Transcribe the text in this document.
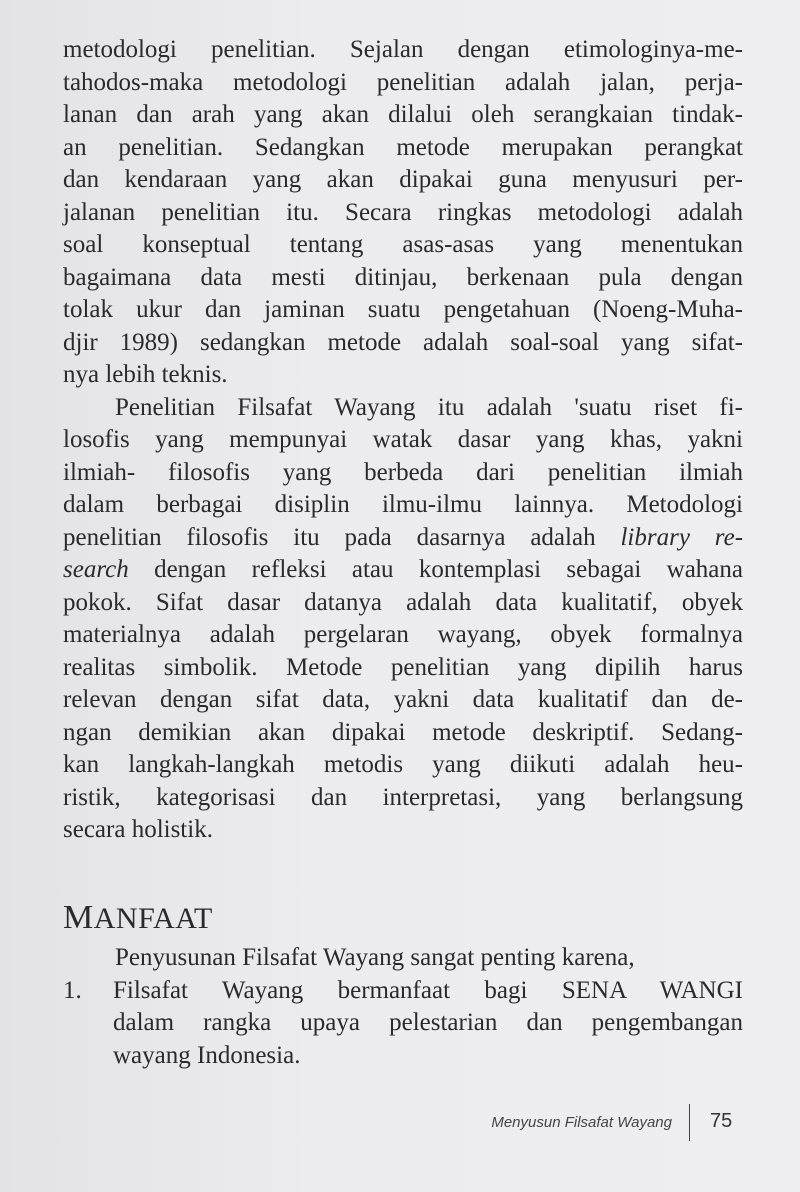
metodologi penelitian. Sejalan dengan etimologinya-me-
tahodos-maka metodologi penelitian adalah jalan, perja-
lanan dan arah yang akan dilalui oleh serangkaian tindak-
an penelitian. Sedangkan metode merupakan perangkat
dan kendaraan yang akan dipakai guna menyusuri per-
jalanan penelitian itu. Secara ringkas metodologi adalah
soal konseptual tentang asas-asas yang menentukan
bagaimana data mesti ditinjau, berkenaan pula dengan
tolak ukur dan jaminan suatu pengetahuan (Noeng-Muha-
djir 1989) sedangkan metode adalah soal-soal yang sifat-
nya lebih teknis.
Penelitian Filsafat Wayang itu adalah 'suatu riset fi-
losofis yang mempunyai watak dasar yang khas, yakni
ilmiah- filosofis yang berbeda dari penelitian ilmiah
dalam berbagai disiplin ilmu-ilmu lainnya. Metodologi
penelitian filosofis itu pada dasarnya adalah library re-
search dengan refleksi atau kontemplasi sebagai wahana
pokok. Sifat dasar datanya adalah data kualitatif, obyek
materialnya adalah pergelaran wayang, obyek formalnya
realitas simbolik. Metode penelitian yang dipilih harus
relevan dengan sifat data, yakni data kualitatif dan de-
ngan demikian akan dipakai metode deskriptif. Sedang-
kan langkah-langkah metodis yang diikuti adalah heu-
ristik, kategorisasi dan interpretasi, yang berlangsung
secara holistik.
MANFAAT
Penyusunan Filsafat Wayang sangat penting karena,
1. Filsafat Wayang bermanfaat bagi SENA WANGI
dalam rangka upaya pelestarian dan pengembangan
wayang Indonesia.
Menyusun Filsafat Wayang 75
